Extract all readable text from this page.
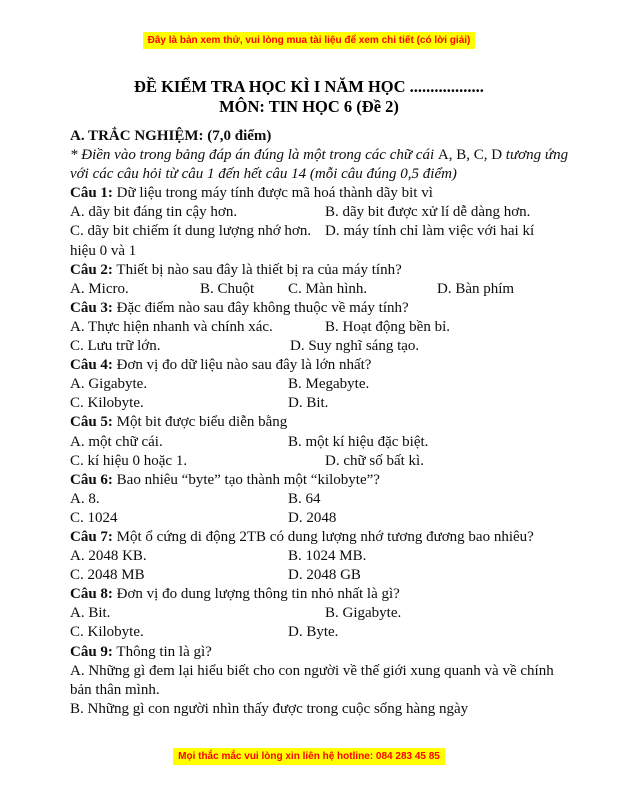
Đây là bản xem thử, vui lòng mua tài liệu để xem chi tiết (có lời giải)
ĐỀ KIỂM TRA HỌC KÌ I NĂM HỌC ..................
MÔN: TIN HỌC 6 (Đề 2)
A. TRẮC NGHIỆM: (7,0 điểm)
* Điền vào trong bảng đáp án đúng là một trong các chữ cái A, B, C, D tương ứng
với các câu hỏi từ câu 1 đến hết câu 14 (mỗi câu đúng 0,5 điểm)
Câu 1: Dữ liệu trong máy tính được mã hoá thành dãy bit vì
A. dãy bit đáng tin cậy hơn.	B. dãy bit được xử lí dễ dàng hơn.
C. dãy bit chiếm ít dung lượng nhớ hơn. D. máy tính chỉ làm việc với hai kí
hiệu 0 và 1
Câu 2: Thiết bị nào sau đây là thiết bị ra của máy tính?
A. Micro.	B. Chuột C. Màn hình.	D. Bàn phím
Câu 3: Đặc điểm nào sau đây không thuộc về máy tính?
A. Thực hiện nhanh và chính xác.	B. Hoạt động bền bỉ.
C. Lưu trữ lớn.	D. Suy nghĩ sáng tạo.
Câu 4: Đơn vị đo dữ liệu nào sau đây là lớn nhất?
A. Gigabyte.	B. Megabyte.
C. Kilobyte.	D. Bit.
Câu 5: Một bit được biểu diễn bằng
A. một chữ cái.	B. một kí hiệu đặc biệt.
C. kí hiệu 0 hoặc 1.	D. chữ số bất kì.
Câu 6: Bao nhiêu “byte” tạo thành một “kilobyte”?
A. 8.	B. 64
C. 1024	D. 2048
Câu 7: Một ổ cứng di động 2TB có dung lượng nhớ tương đương bao nhiêu?
A. 2048 KB.	B. 1024 MB.
C. 2048 MB	D. 2048 GB
Câu 8: Đơn vị đo dung lượng thông tin nhỏ nhất là gì?
A. Bit.	B. Gigabyte.
C. Kilobyte.	D. Byte.
Câu 9: Thông tin là gì?
A. Những gì đem lại hiểu biết cho con người về thế giới xung quanh và về chính
bản thân mình.
B. Những gì con người nhìn thấy được trong cuộc sống hàng ngày
Mọi thắc mắc vui lòng xin liên hệ hotline: 084 283 45 85
